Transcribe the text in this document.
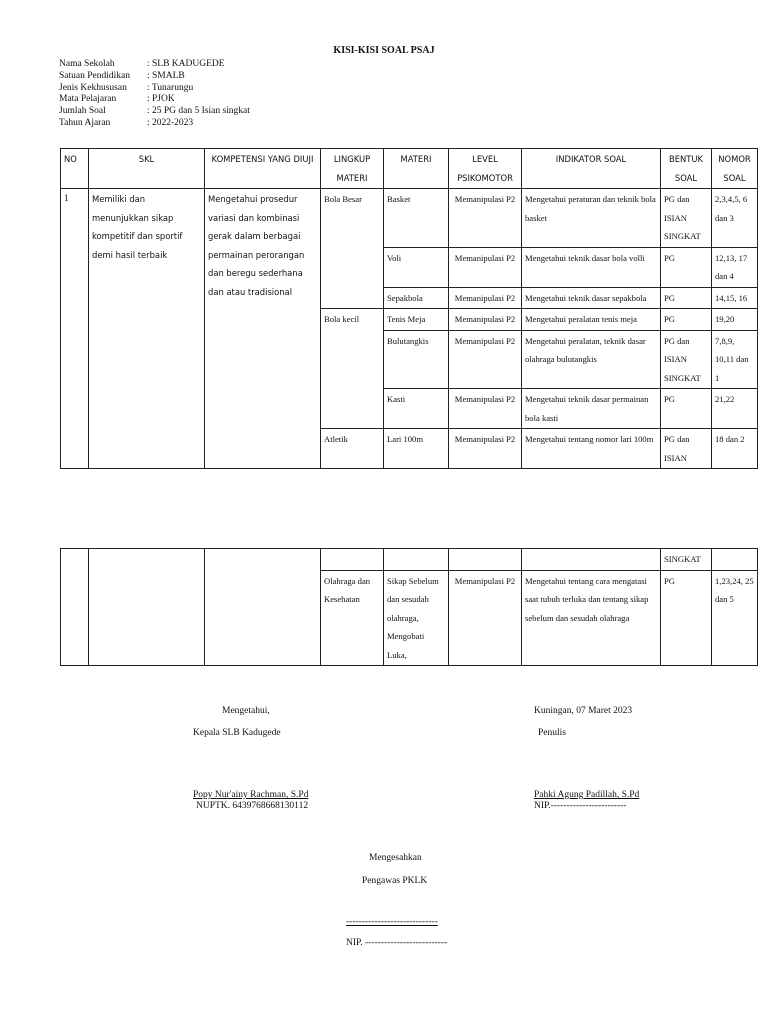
KISI-KISI SOAL PSAJ
Nama Sekolah	: SLB KADUGEDE
Satuan Pendidikan	: SMALB
Jenis Kekhususan	: Tunarungu
Mata Pelajaran	: PJOK
Jumlah Soal	: 25 PG dan 5 Isian singkat
Tahun Ajaran	: 2022-2023
NO	SKL	KOMPETENSI YANG DIUJI	LINGKUP MATERI	MATERI	LEVEL PSIKOMOTOR	INDIKATOR SOAL	BENTUK SOAL	NOMOR SOAL
1	Memiliki dan menunjukkan sikap kompetitif dan sportif demi hasil terbaik	Mengetahui prosedur variasi dan kombinasi gerak dalam berbagai permainan perorangan dan beregu sederhana dan atau tradisional	Bola Besar	Basket	Memanipulasi P2	Mengetahui peraturan dan teknik bola basket	PG dan ISIAN SINGKAT	2,3,4,5, 6 dan 3
				Voli	Memanipulasi P2	Mengetahui teknik dasar bola volli	PG	12,13, 17 dan 4
				Sepakbola	Memanipulasi P2	Mengetahui teknik dasar sepakbola	PG	14,15, 16
			Bola kecil	Tenis Meja	Memanipulasi P2	Mengetahui peralatan tenis meja	PG	19,20
				Bulutangkis	Memanipulasi P2	Mengetahui peralatan, teknik dasar olahraga bulutangkis	PG dan ISIAN SINGKAT	7,8,9, 10,11 dan 1
				Kasti	Memanipulasi P2	Mengetahui teknik dasar permainan bola kasti	PG	21,22
			Atletik	Lari 100m	Memanipulasi P2	Mengetahui tentang nomor lari 100m	PG dan ISIAN	18 dan 2
							SINGKAT	
			Olahraga dan Kesehatan	Sikap Sebelum dan sesudah olahraga, Mengobati Luka,	Memanipulasi P2	Mengetahui tentang cara mengatasi saat tubuh terluka dan tentang sikap sebelum dan sesudah olahraga	PG	1,23,24, 25 dan 5
Mengetahui,
Kepala SLB Kadugede
Popy Nur'ainy Rachman, S.Pd
NUPTK. 6439768668130112
Kuningan, 07 Maret 2023
Penulis
Pahki Agung Padillah, S.Pd
NIP.------------------------
Mengesahkan
Pengawas PKLK
-----------------------------
NIP. --------------------------
